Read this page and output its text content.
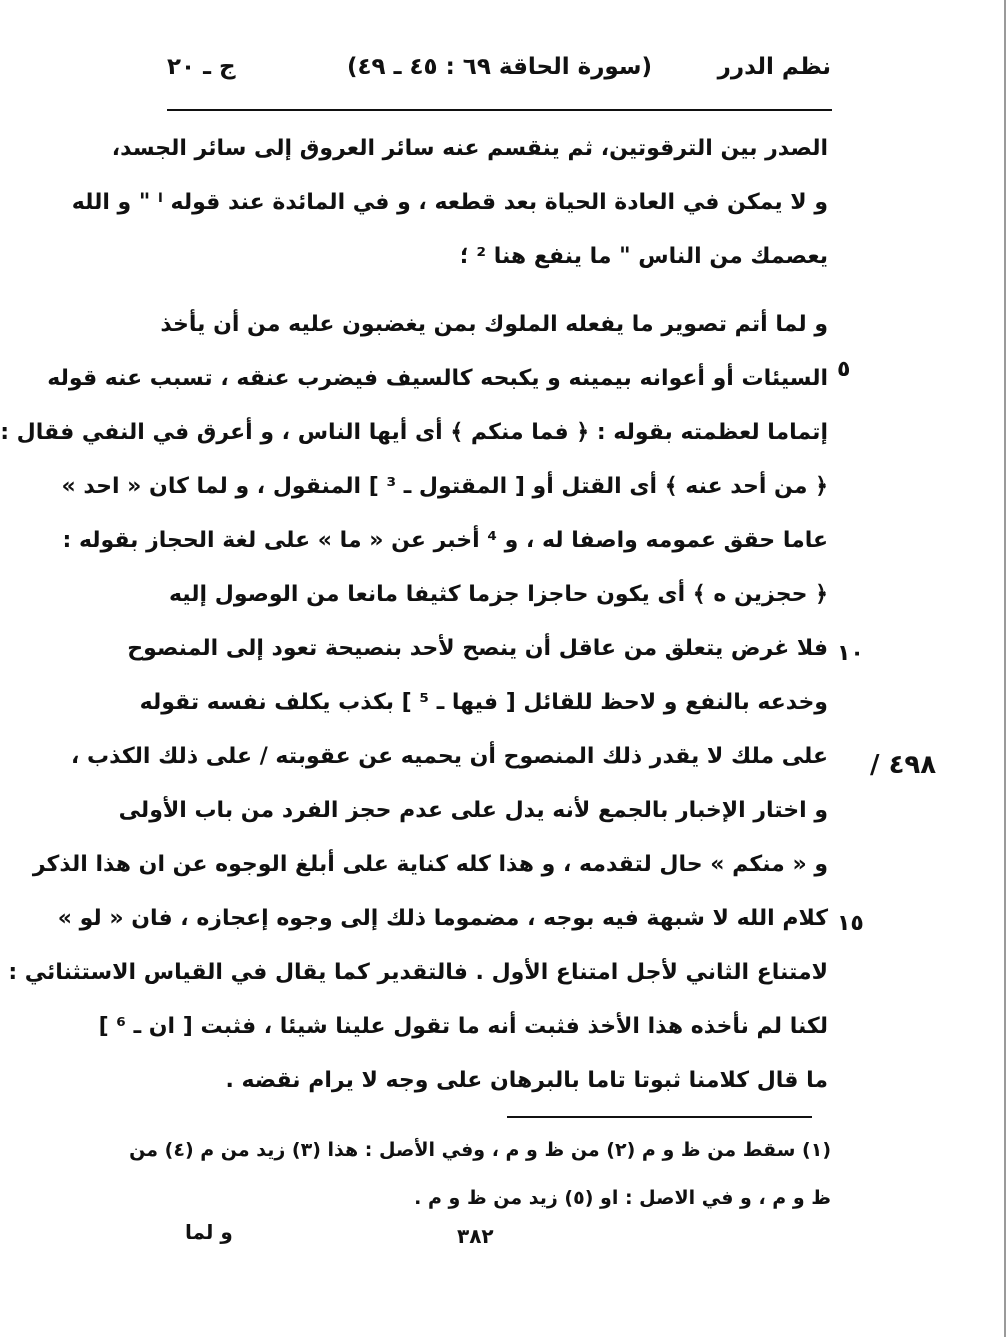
ج ـ ٢٠	(سورة الحاقة ٦٩ : ٤٥ ـ ٤٩)	نظم الدرر
الصدر بين الترقوتين، ثم ينقسم عنه سائر العروق إلى سائر الجسد،
و لا يمكن في العادة الحياة بعد قطعه ، و في المائدة عند قوله ˡ " و الله
يعصمك من الناس " ما ينفع هنا ² ؛
و لما أتم تصوير ما يفعله الملوك بمن يغضبون عليه من أن يأخذ
السيئات أو أعوانه بيمينه و يكبحه كالسيف فيضرب عنقه ، تسبب عنه قوله
إتماما لعظمته بقوله : ﴿ فما منكم ﴾ أى أيها الناس ، و أعرق في النفي فقال :
﴿ من أحد عنه ﴾ أى القتل أو [ المقتول ـ ³ ] المنقول ، و لما كان « احد »
عاما حقق عمومه واصفا له ، و ⁴ أخبر عن « ما » على لغة الحجاز بقوله :
﴿ حجزين ه ﴾ أى يكون حاجزا جزما كثيفا مانعا من الوصول إليه
فلا غرض يتعلق من عاقل أن ينصح لأحد بنصيحة تعود إلى المنصوح
وخدعه بالنفع و لاحظ للقائل [ فيها ـ ⁵ ] بكذب يكلف نفسه تقوله
على ملك لا يقدر ذلك المنصوح أن يحميه عن عقوبته / على ذلك الكذب ،
و اختار الإخبار بالجمع لأنه يدل على عدم حجز الفرد من باب الأولى
و « منكم » حال لتقدمه ، و هذا كله كناية على أبلغ الوجوه عن ان هذا الذكر
كلام الله لا شبهة فيه بوجه ، مضموما ذلك إلى وجوه إعجازه ، فان « لو »
لامتناع الثاني لأجل امتناع الأول . فالتقدير كما يقال في القياس الاستثنائي :
لكنا لم نأخذه هذا الأخذ فثبت أنه ما تقول علينا شيئا ، فثبت [ ان ـ ⁶ ]
ما قال كلامنا ثبوتا تاما بالبرهان على وجه لا يرام نقضه .
٥
١٠
١٥
٤٩٨ /
(١) سقط من ظ و م (٢) من ظ و م ، وفي الأصل : هذا (٣) زيد من م (٤) من
ظ و م ، و في الاصل : او (٥) زيد من ظ و م .
٣٨٢
و لما
